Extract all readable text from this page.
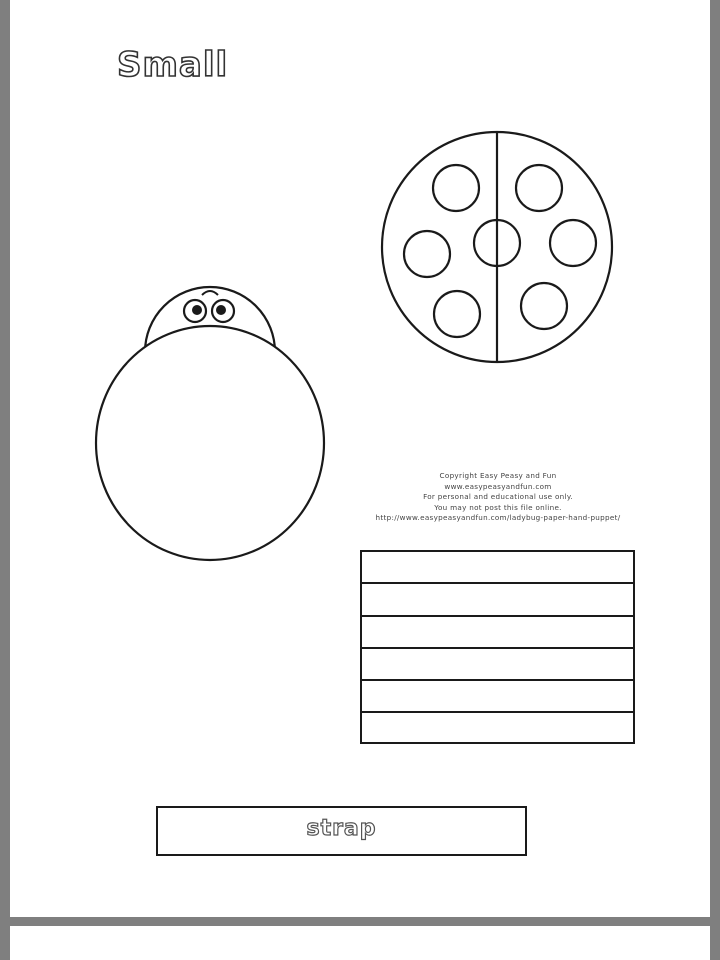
Small
Copyright Easy Peasy and Fun
www.easypeasyandfun.com
For personal and educational use only.
You may not post this file online.
http://www.easypeasyandfun.com/ladybug-paper-hand-puppet/
strap
